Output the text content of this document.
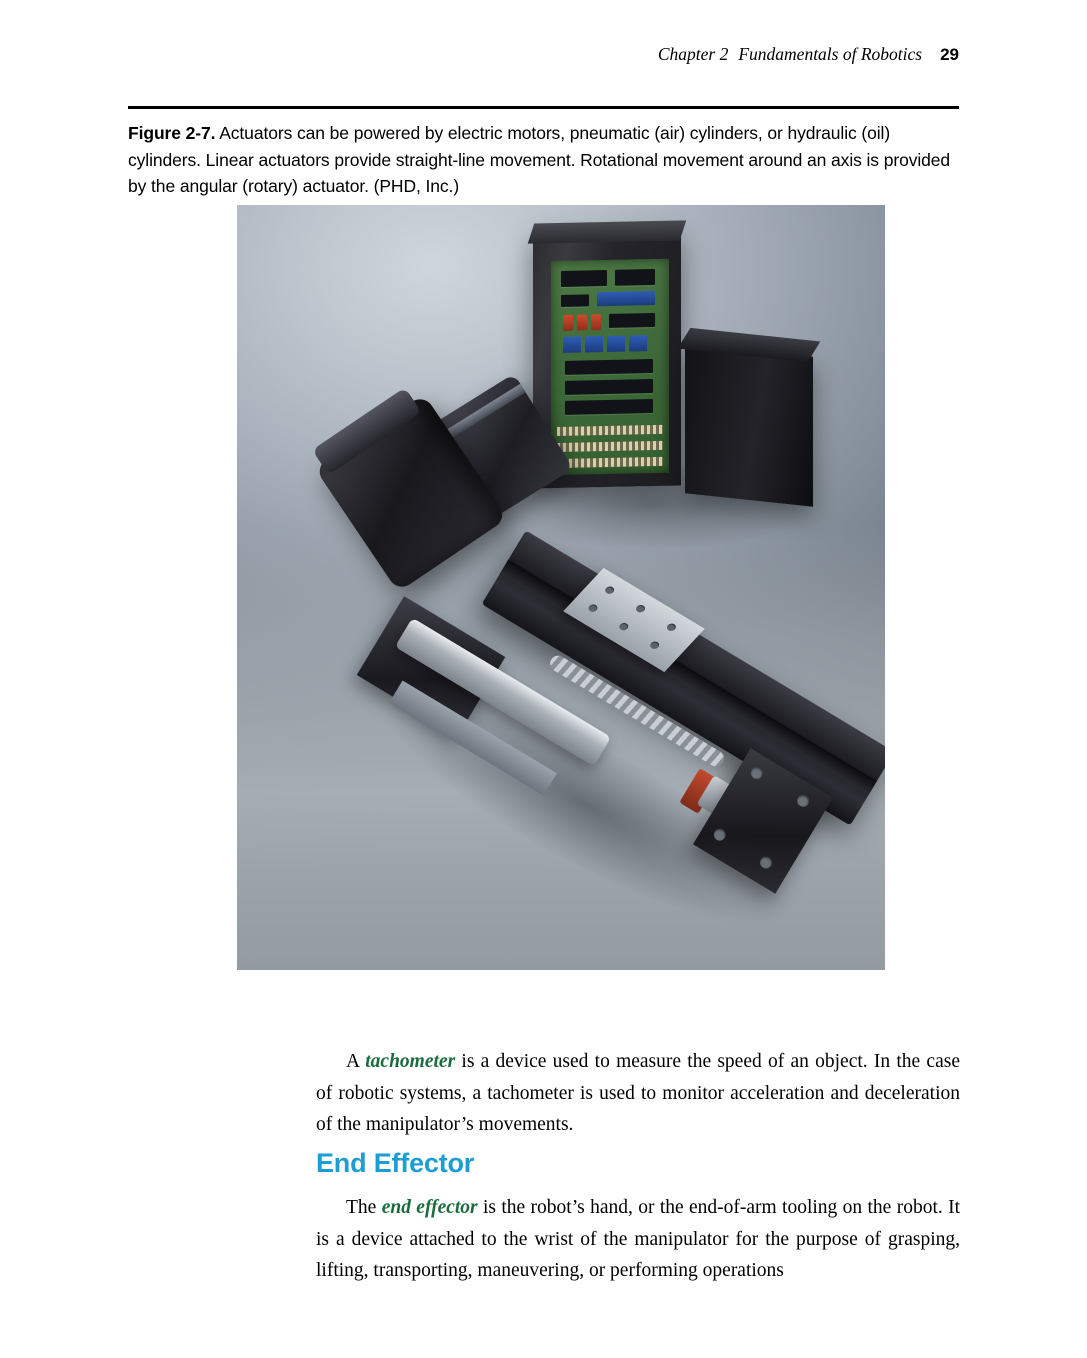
Chapter 2 Fundamentals of Robotics 29
Figure 2-7. Actuators can be powered by electric motors, pneumatic (air) cylinders, or hydraulic (oil) cylinders. Linear actuators provide straight-line movement. Rotational movement around an axis is provided by the angular (rotary) actuator. (PHD, Inc.)
A tachometer is a device used to measure the speed of an object. In the case of robotic systems, a tachometer is used to monitor acceleration and deceleration of the manipulator’s movements.
End Effector
The end effector is the robot’s hand, or the end-of-arm tooling on the robot. It is a device attached to the wrist of the manipulator for the purpose of grasping, lifting, transporting, maneuvering, or performing operations
